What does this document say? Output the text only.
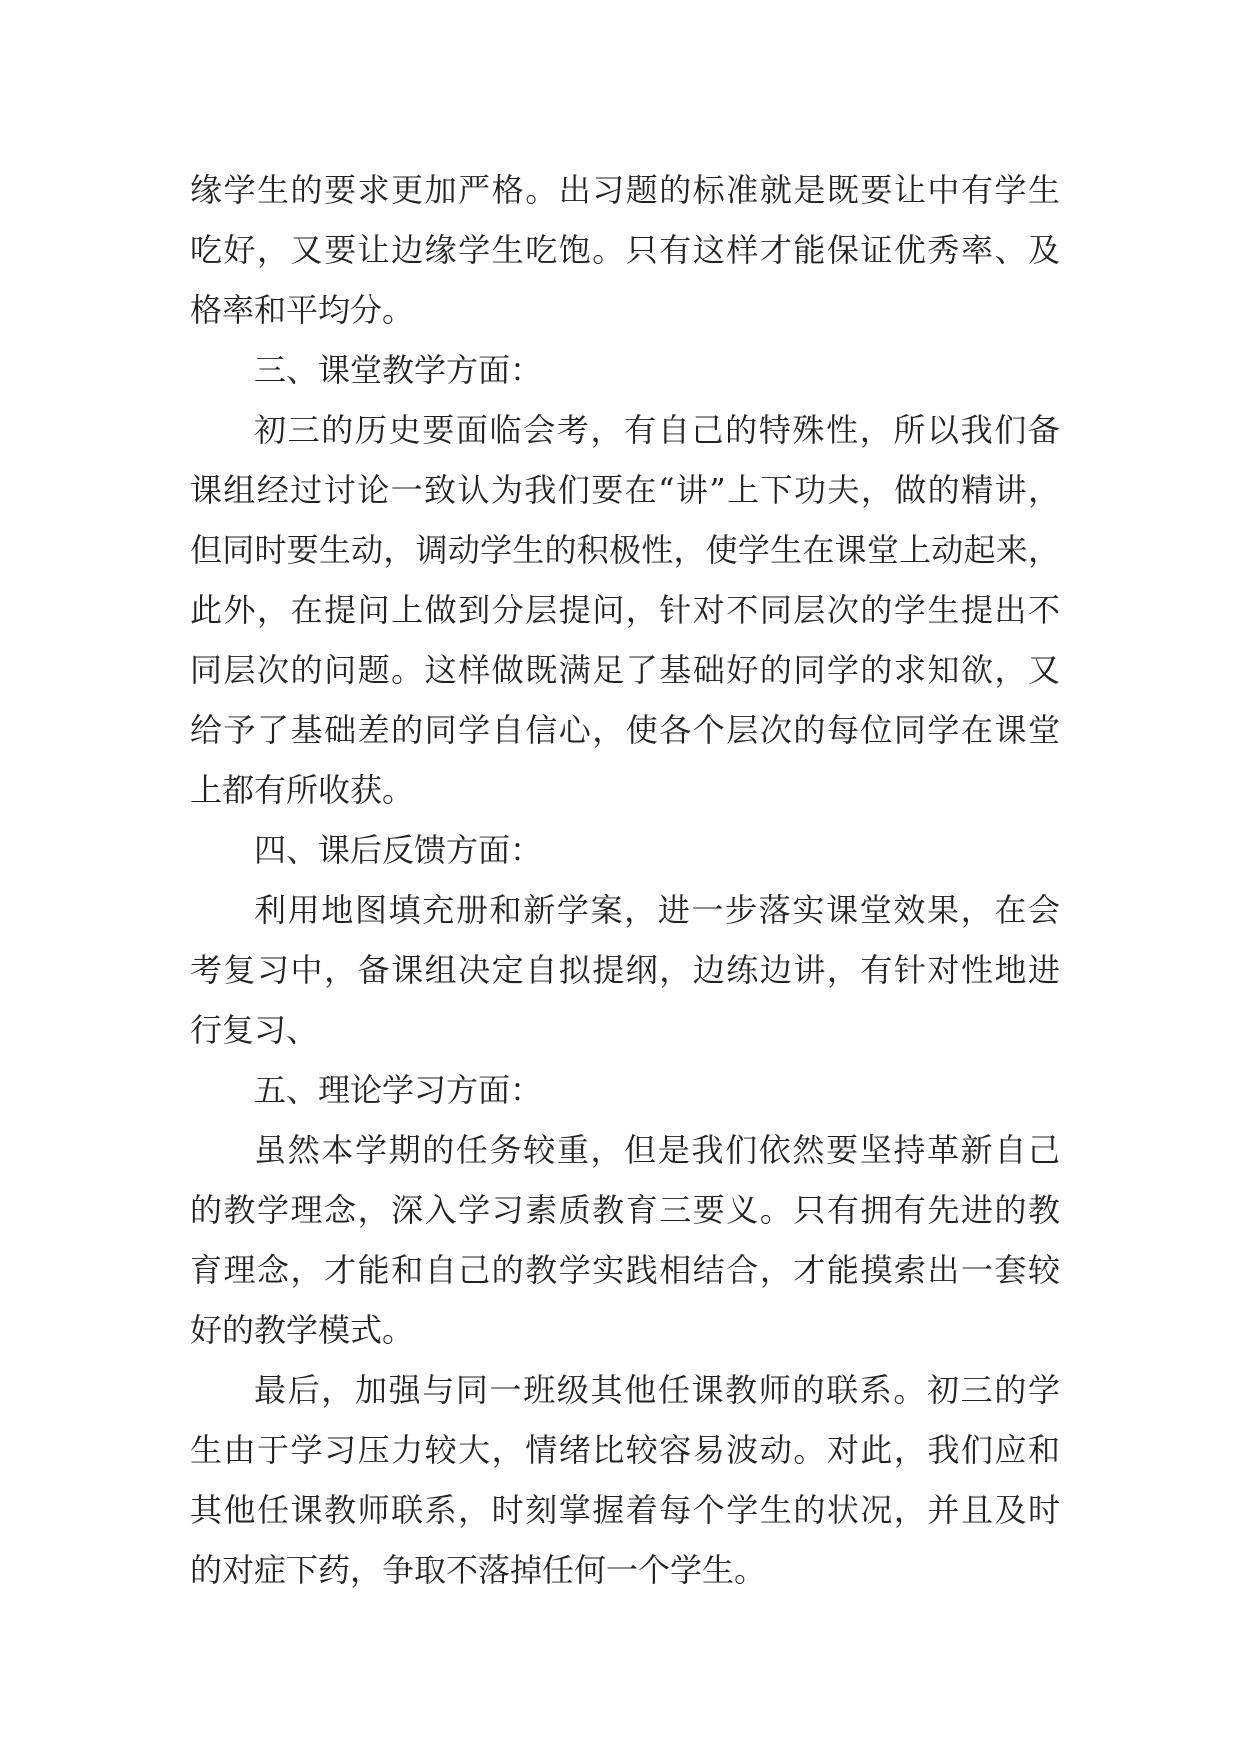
缘学生的要求更加严格。出习题的标准就是既要让中有学生
吃好，又要让边缘学生吃饱。只有这样才能保证优秀率、及
格率和平均分。
三、课堂教学方面：
初三的历史要面临会考，有自己的特殊性，所以我们备
课组经过讨论一致认为我们要在“讲”上下功夫，做的精讲，
但同时要生动，调动学生的积极性，使学生在课堂上动起来，
此外，在提问上做到分层提问，针对不同层次的学生提出不
同层次的问题。这样做既满足了基础好的同学的求知欲，又
给予了基础差的同学自信心，使各个层次的每位同学在课堂
上都有所收获。
四、课后反馈方面：
利用地图填充册和新学案，进一步落实课堂效果，在会
考复习中，备课组决定自拟提纲，边练边讲，有针对性地进
行复习、
五、理论学习方面：
虽然本学期的任务较重，但是我们依然要坚持革新自己
的教学理念，深入学习素质教育三要义。只有拥有先进的教
育理念，才能和自己的教学实践相结合，才能摸索出一套较
好的教学模式。
最后，加强与同一班级其他任课教师的联系。初三的学
生由于学习压力较大，情绪比较容易波动。对此，我们应和
其他任课教师联系，时刻掌握着每个学生的状况，并且及时
的对症下药，争取不落掉任何一个学生。
